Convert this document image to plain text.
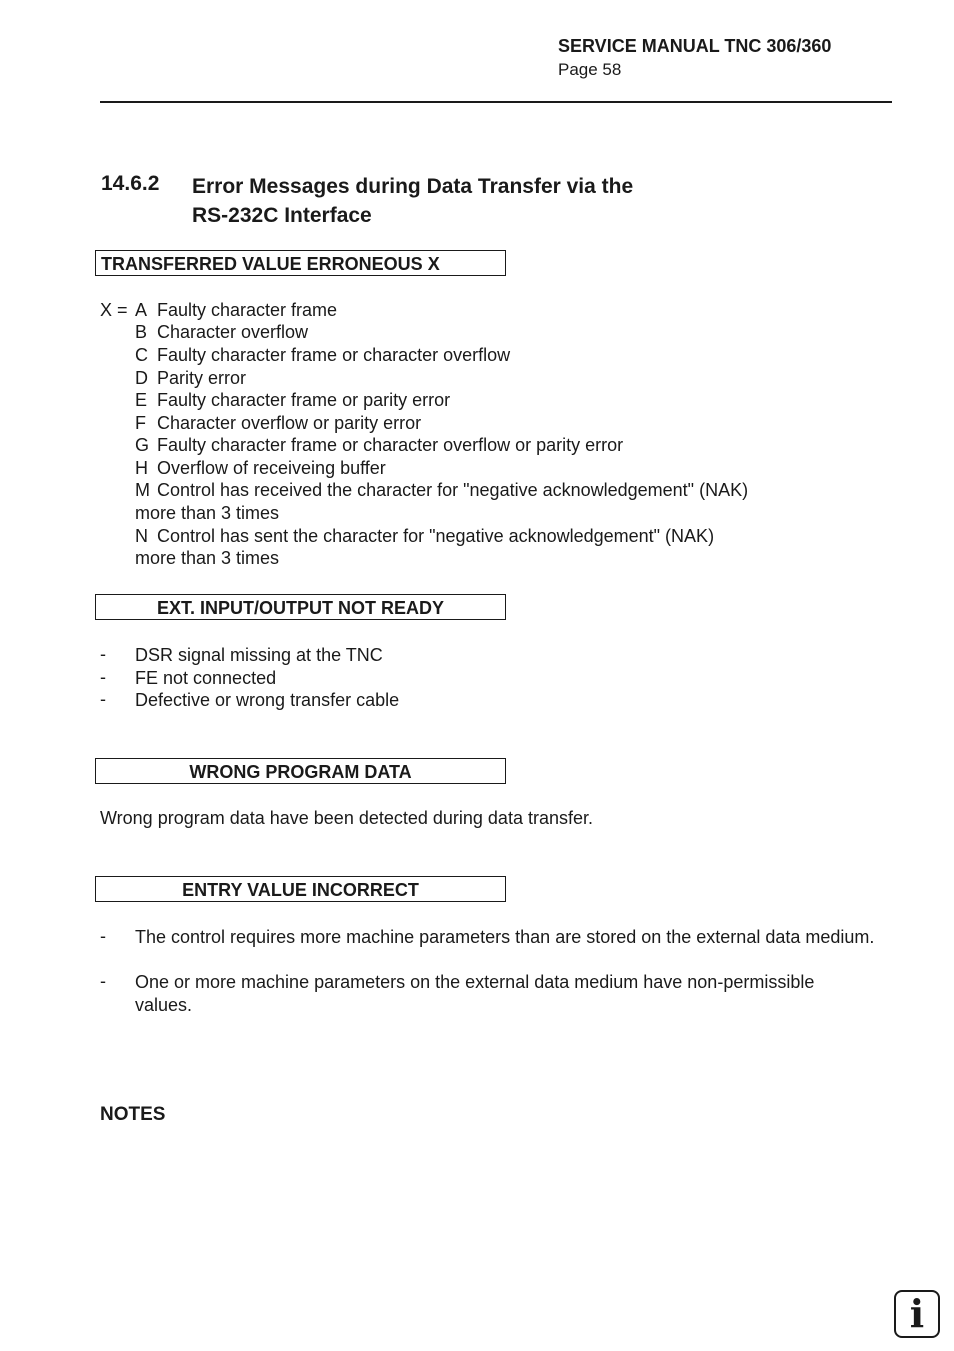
SERVICE MANUAL TNC 306/360
Page 58
14.6.2 Error Messages during Data Transfer via the
RS-232C Interface
TRANSFERRED VALUE ERRONEOUS X
X = A Faulty character frame
B Character overflow
C Faulty character frame or character overflow
D Parity error
E Faulty character frame or parity error
F Character overflow or parity error
G Faulty character frame or character overflow or parity error
H Overflow of receiveing buffer
M Control has received the character for "negative acknowledgement" (NAK)
more than 3 times
N Control has sent the character for "negative acknowledgement" (NAK)
more than 3 times
EXT. INPUT/OUTPUT NOT READY
- DSR signal missing at the TNC
- FE not connected
- Defective or wrong transfer cable
WRONG PROGRAM DATA
Wrong program data have been detected during data transfer.
ENTRY VALUE INCORRECT
- The control requires more machine parameters than are stored on the external data medium.
- One or more machine parameters on the external data medium have non-permissible values.
NOTES
i
